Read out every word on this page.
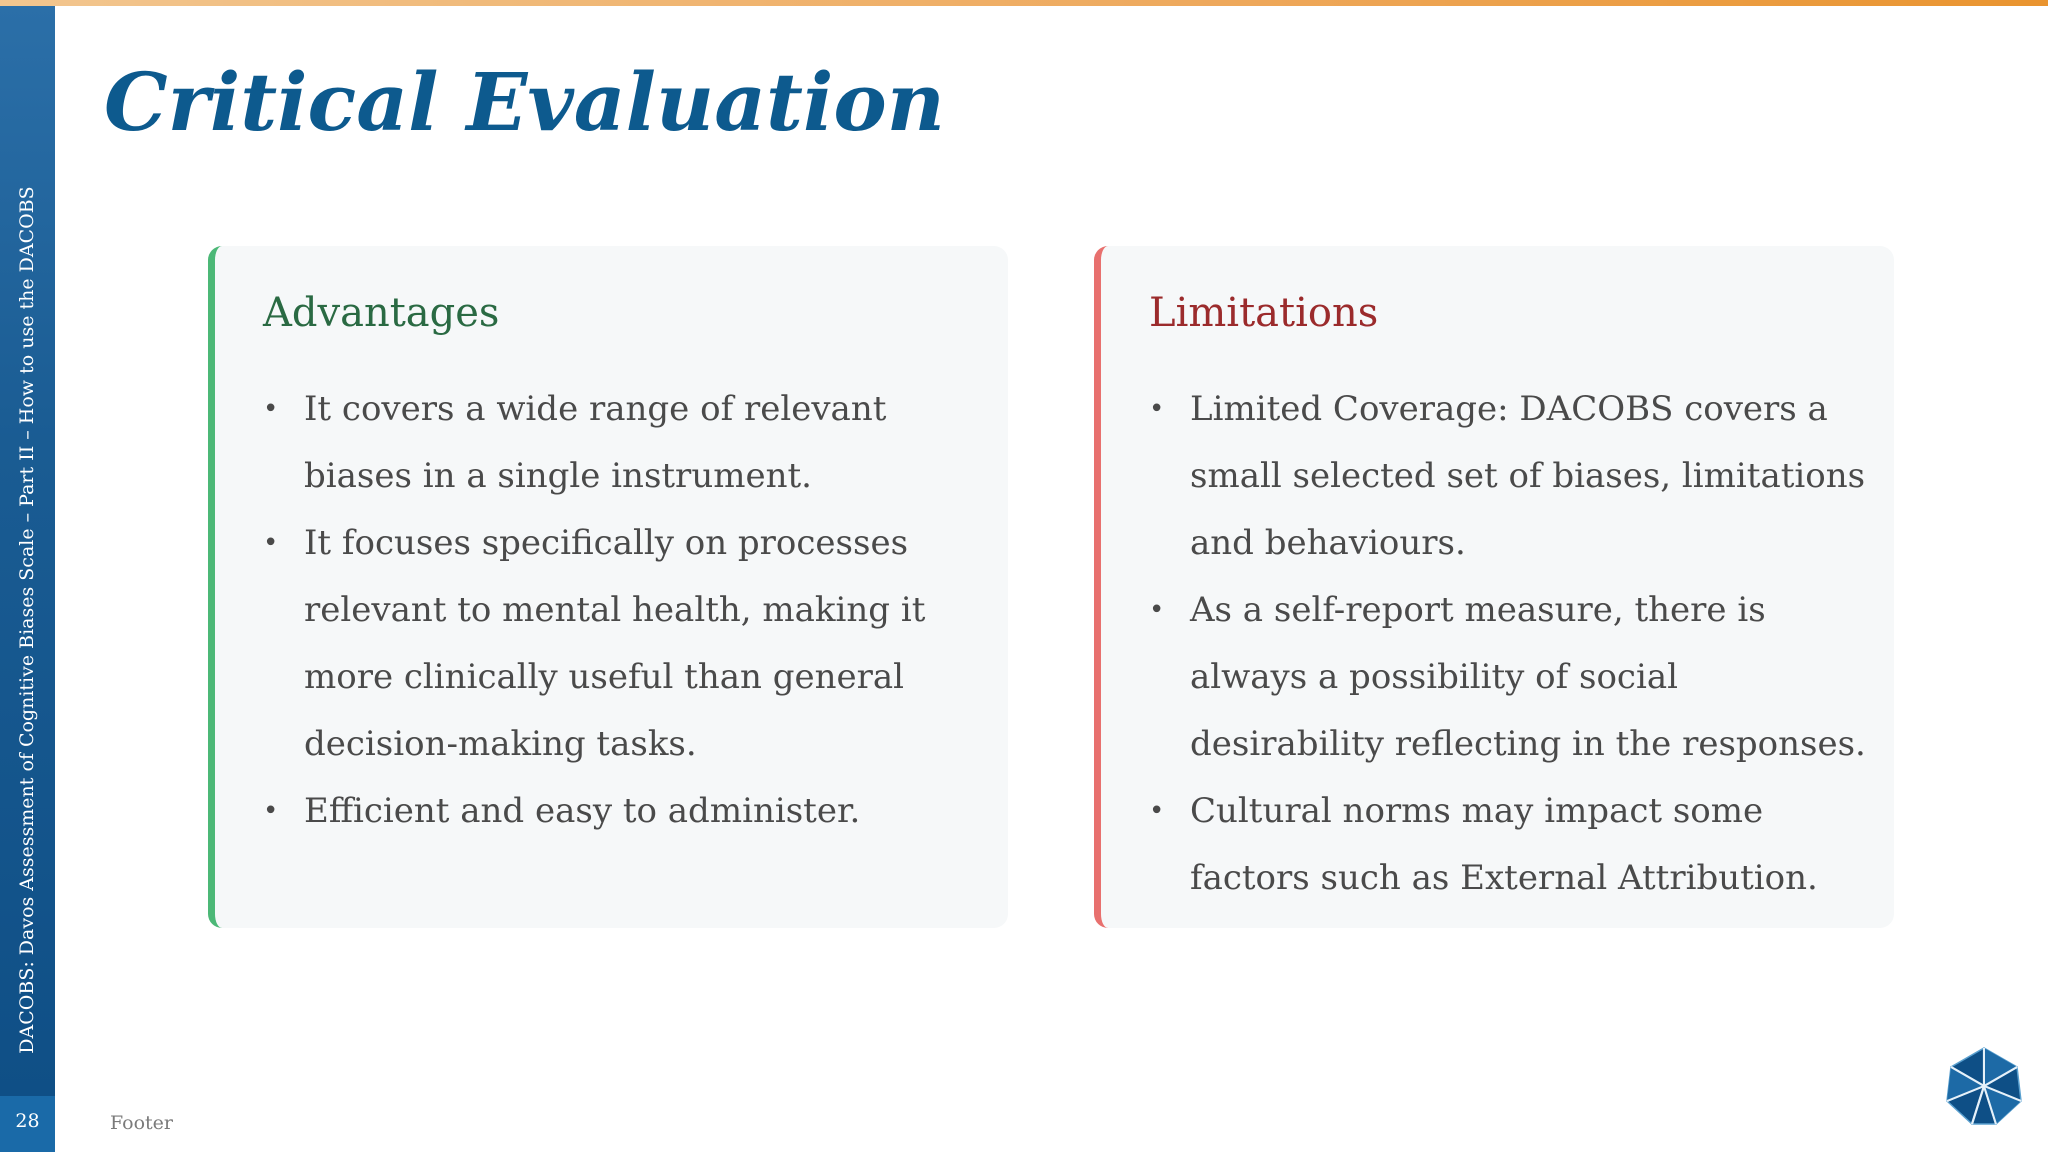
DACOBS: Davos Assessment of Cognitive Biases Scale – Part II – How to use the DACOBS
28	Footer
Critical Evaluation
Advantages
• It covers a wide range of relevant biases in a single instrument.
• It focuses specifically on processes relevant to mental health, making it more clinically useful than general decision-making tasks.
• Efficient and easy to administer.
Limitations
• Limited Coverage: DACOBS covers a small selected set of biases, limitations and behaviours.
• As a self-report measure, there is always a possibility of social desirability reflecting in the responses.
• Cultural norms may impact some factors such as External Attribution.
